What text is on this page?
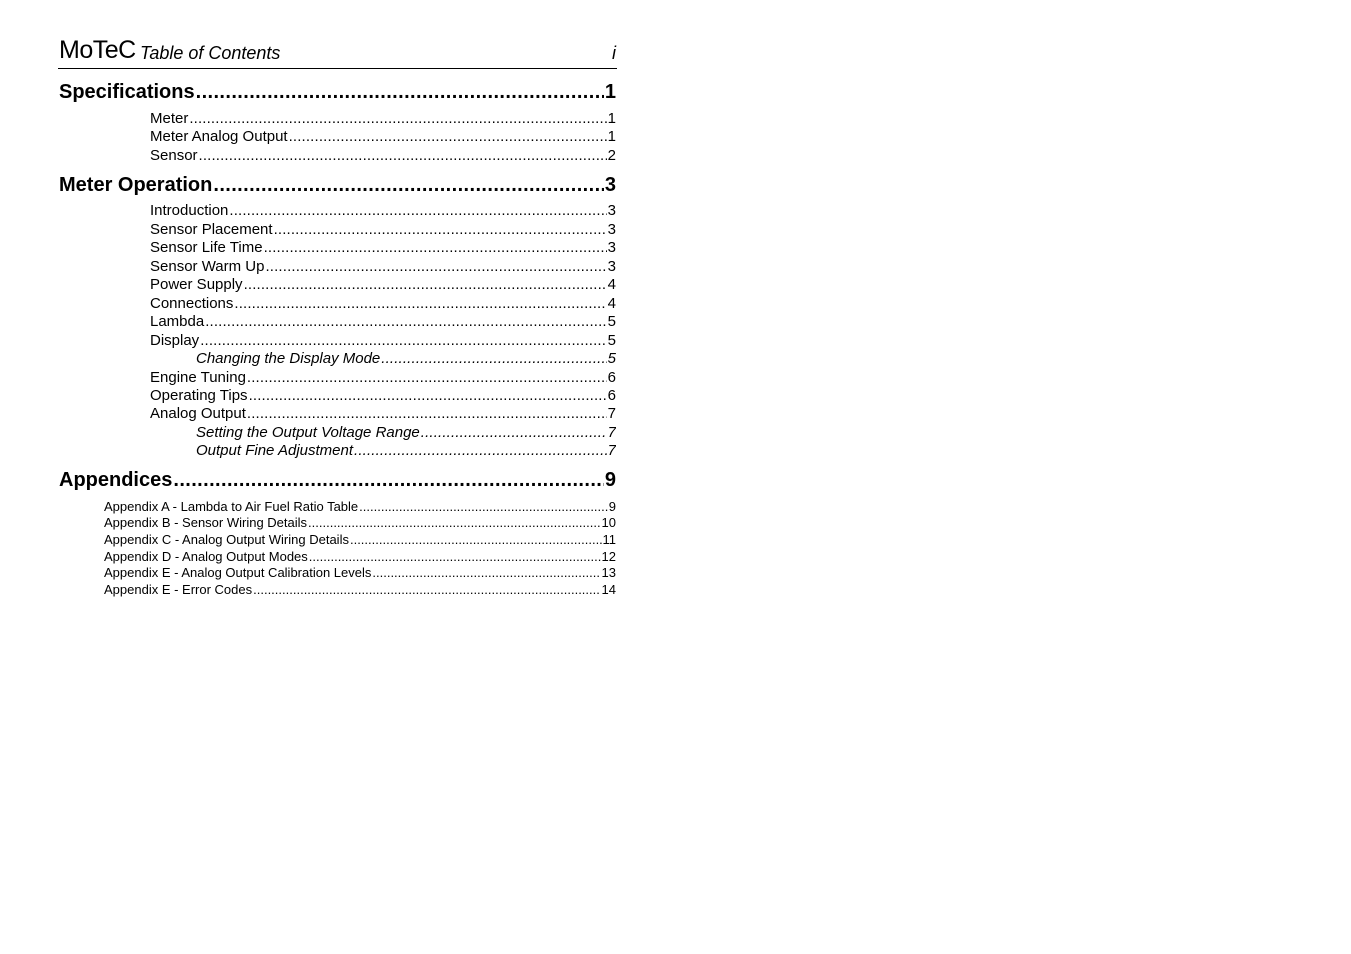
MoTeC Table of Contents	i
Specifications .....	1
Meter .....	1
Meter Analog Output .....	1
Sensor .....	2
Meter Operation .....	3
Introduction .....	3
Sensor Placement .....	3
Sensor Life Time .....	3
Sensor Warm Up .....	3
Power Supply .....	4
Connections .....	4
Lambda .....	5
Display .....	5
Changing the Display Mode .....	5
Engine Tuning .....	6
Operating Tips .....	6
Analog Output .....	7
Setting the Output Voltage Range .....	7
Output Fine Adjustment .....	7
Appendices .....	9
Appendix A - Lambda to Air Fuel Ratio Table .....	9
Appendix B - Sensor Wiring Details .....	10
Appendix C - Analog Output Wiring Details .....	11
Appendix D - Analog Output Modes .....	12
Appendix E - Analog Output Calibration Levels .....	13
Appendix E - Error Codes .....	14
